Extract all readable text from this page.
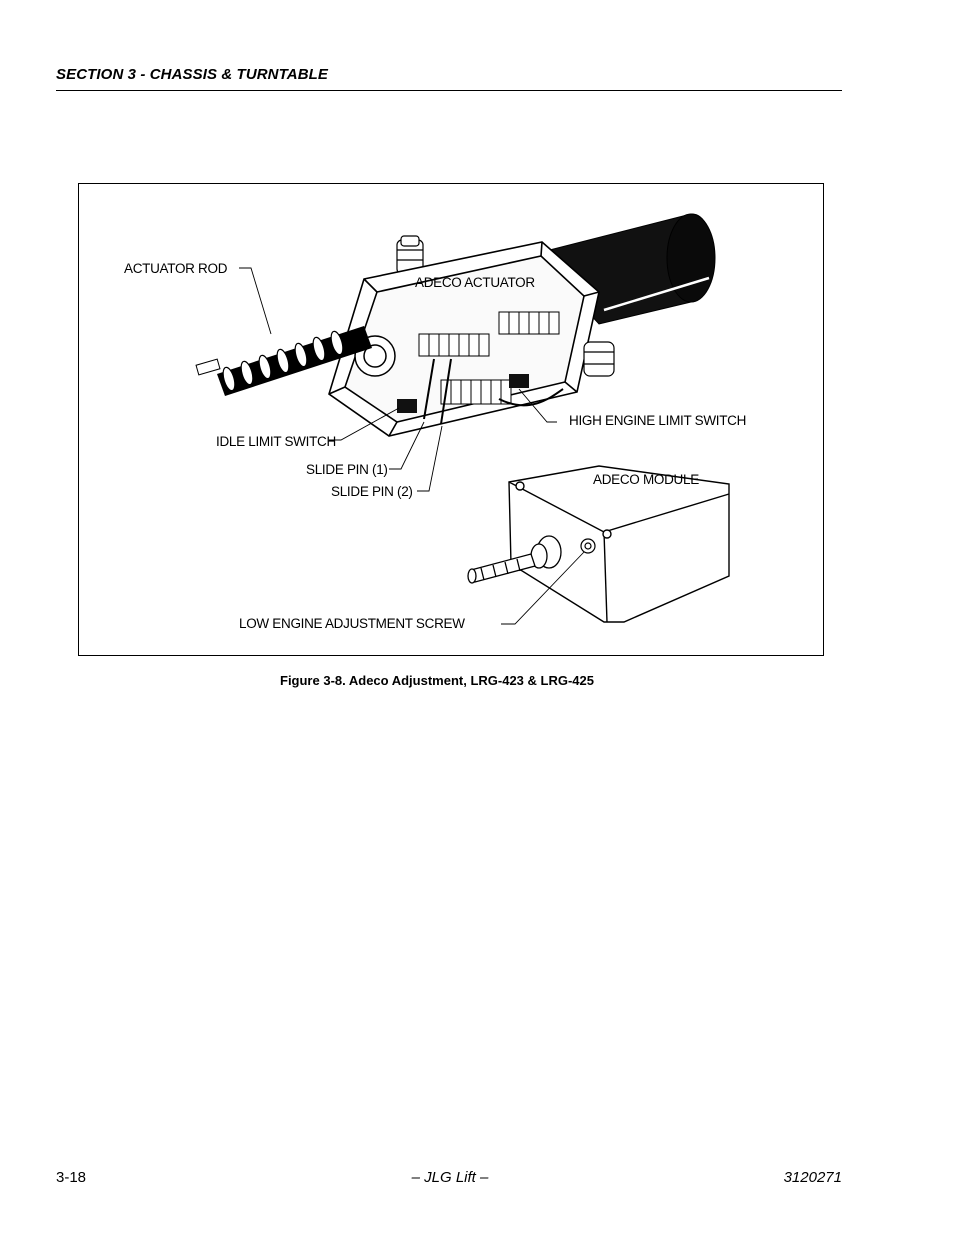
SECTION 3 - CHASSIS & TURNTABLE
ACTUATOR ROD
ADECO ACTUATOR
HIGH ENGINE LIMIT SWITCH
IDLE LIMIT SWITCH
SLIDE PIN (1)
SLIDE PIN (2)
ADECO MODULE
LOW ENGINE ADJUSTMENT SCREW
Figure 3-8. Adeco Adjustment, LRG-423 & LRG-425
3-18	– JLG Lift –	3120271
